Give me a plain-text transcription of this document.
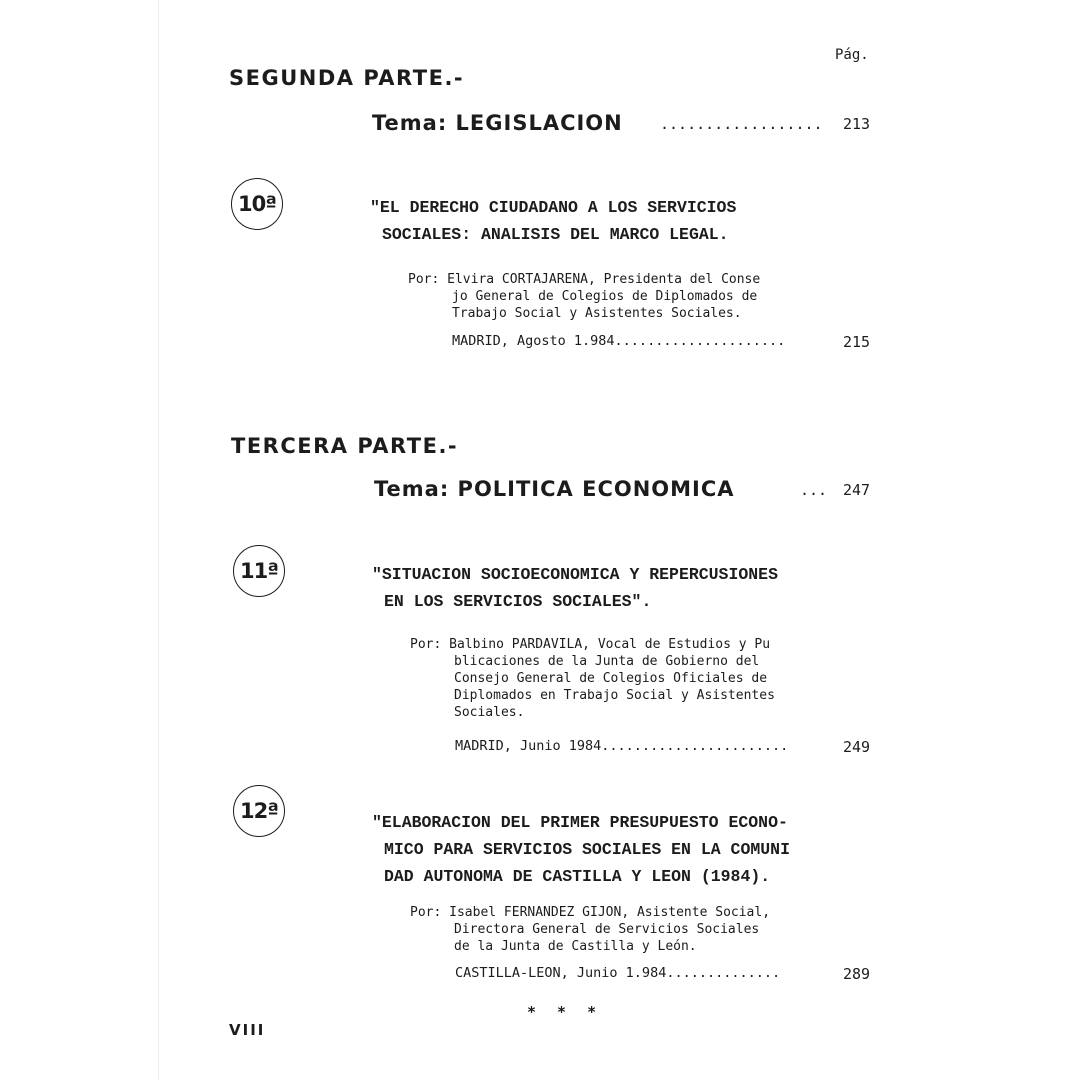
Pág.
SEGUNDA PARTE.-
Tema: LEGISLACION .................. 213
10ª	"EL DERECHO CIUDADANO A LOS SERVICIOS
SOCIALES: ANALISIS DEL MARCO LEGAL.
Por: Elvira CORTAJARENA, Presidenta del Conse
jo General de Colegios de Diplomados de
Trabajo Social y Asistentes Sociales.
MADRID, Agosto 1.984.....................	215
TERCERA PARTE.-
Tema: POLITICA ECONOMICA	... 247
11ª	"SITUACION SOCIOECONOMICA Y REPERCUSIONES
EN LOS SERVICIOS SOCIALES".
Por: Balbino PARDAVILA, Vocal de Estudios y Pu
blicaciones de la Junta de Gobierno del
Consejo General de Colegios Oficiales de
Diplomados en Trabajo Social y Asistentes
Sociales.
MADRID, Junio 1984.......................	249
12ª	"ELABORACION DEL PRIMER PRESUPUESTO ECONO-
MICO PARA SERVICIOS SOCIALES EN LA COMUNI
DAD AUTONOMA DE CASTILLA Y LEON (1984).
Por: Isabel FERNANDEZ GIJON, Asistente Social,
Directora General de Servicios Sociales
de la Junta de Castilla y León.
CASTILLA-LEON, Junio 1.984..............	289
* * *
VIII
